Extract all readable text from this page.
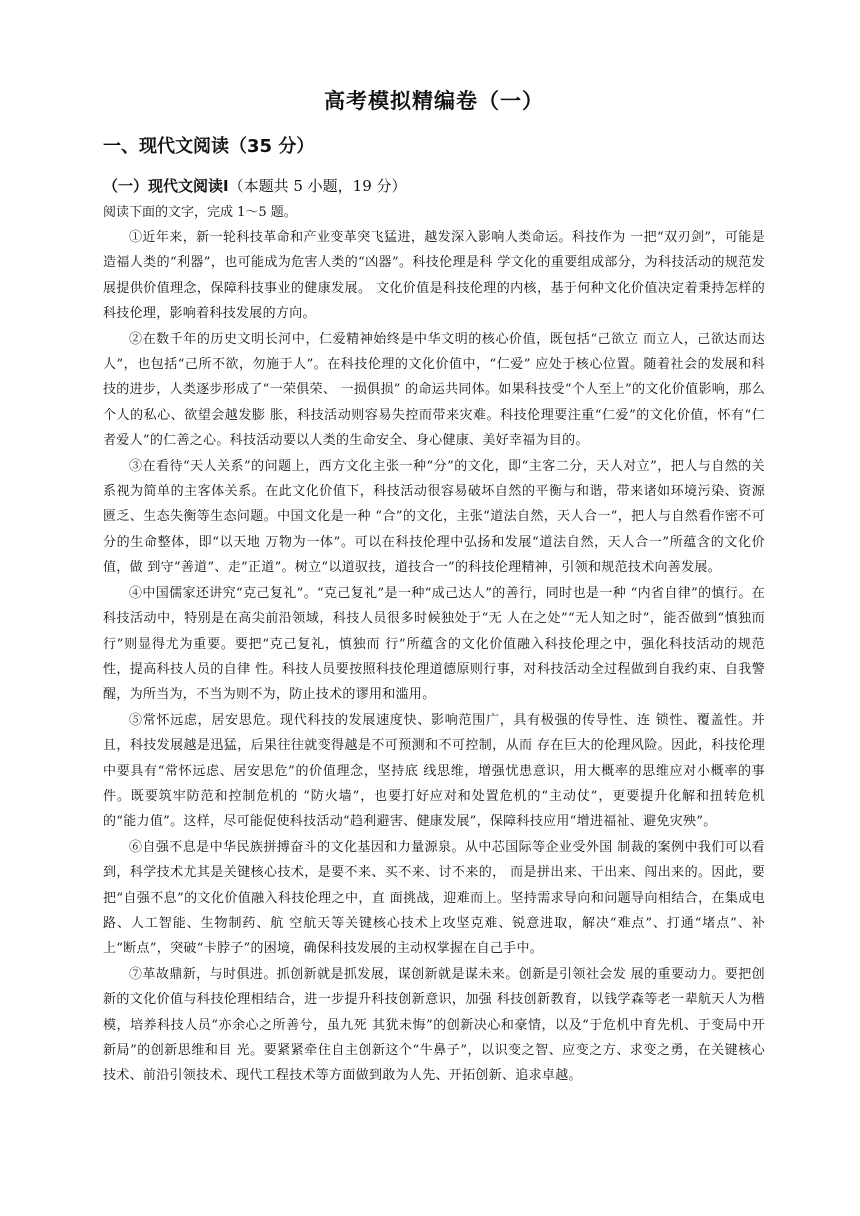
高考模拟精编卷（一）
一、现代文阅读（35 分）
（一）现代文阅读Ⅰ（本题共 5 小题，19 分）
阅读下面的文字，完成 1～5 题。

①近年来，新一轮科技革命和产业变革突飞猛进，越发深入影响人类命运。科技作为 一把“双刃剑”，可能是造福人类的“利器”，也可能成为危害人类的“凶器”。科技伦理是科 学文化的重要组成部分，为科技活动的规范发展提供价值理念，保障科技事业的健康发展。 文化价值是科技伦理的内核，基于何种文化价值决定着秉持怎样的科技伦理，影响着科技发展的方向。

②在数千年的历史文明长河中，仁爱精神始终是中华文明的核心价值，既包括“己欲立 而立人，己欲达而达人”，也包括“己所不欲，勿施于人”。在科技伦理的文化价值中，“仁爱” 应处于核心位置。随着社会的发展和科技的进步，人类逐步形成了“一荣俱荣、 一损俱损” 的命运共同体。如果科技受“个人至上”的文化价值影响，那么个人的私心、欲望会越发膨 胀，科技活动则容易失控而带来灾难。科技伦理要注重“仁爱”的文化价值，怀有“仁者爱人”的仁善之心。科技活动要以人类的生命安全、身心健康、美好幸福为目的。

③在看待“天人关系”的问题上，西方文化主张一种“分”的文化，即“主客二分，天人对立”，把人与自然的关系视为简单的主客体关系。在此文化价值下，科技活动很容易破坏自然的平衡与和谐，带来诸如环境污染、资源匮乏、生态失衡等生态问题。中国文化是一种 “合”的文化，主张“道法自然，天人合一”，把人与自然看作密不可分的生命整体，即“以天地 万物为一体”。可以在科技伦理中弘扬和发展“道法自然，天人合一”所蕴含的文化价值，做 到守“善道”、走“正道”。树立“以道驭技，道技合一”的科技伦理精神，引领和规范技术向善发展。

④中国儒家还讲究“克己复礼”。“克己复礼”是一种“成己达人”的善行，同时也是一种 “内省自律”的慎行。在科技活动中，特别是在高尖前沿领域，科技人员很多时候独处于“无 人在之处”“无人知之时”，能否做到“慎独而行”则显得尤为重要。要把“克己复礼，慎独而 行”所蕴含的文化价值融入科技伦理之中，强化科技活动的规范性，提高科技人员的自律 性。科技人员要按照科技伦理道德原则行事，对科技活动全过程做到自我约束、自我警醒，为所当为，不当为则不为，防止技术的谬用和滥用。

⑤常怀远虑，居安思危。现代科技的发展速度快、影响范围广，具有极强的传导性、连 锁性、覆盖性。并且，科技发展越是迅猛，后果往往就变得越是不可预测和不可控制，从而 存在巨大的伦理风险。因此，科技伦理中要具有“常怀远虑、居安思危”的价值理念，坚持底 线思维，增强忧患意识，用大概率的思维应对小概率的事件。既要筑牢防范和控制危机的 “防火墙”，也要打好应对和处置危机的“主动仗”，更要提升化解和扭转危机的“能力值”。这样，尽可能促使科技活动“趋利避害、健康发展”，保障科技应用“增进福祉、避免灾殃”。

⑥自强不息是中华民族拼搏奋斗的文化基因和力量源泉。从中芯国际等企业受外国 制裁的案例中我们可以看到，科学技术尤其是关键核心技术，是要不来、买不来、讨不来的， 而是拼出来、干出来、闯出来的。因此，要把“自强不息”的文化价值融入科技伦理之中，直 面挑战，迎难而上。坚持需求导向和问题导向相结合，在集成电路、人工智能、生物制药、航 空航天等关键核心技术上攻坚克难、锐意进取，解决“难点”、打通“堵点”、补上“断点”，突破“卡脖子”的困境，确保科技发展的主动权掌握在自己手中。

⑦革故鼎新，与时俱进。抓创新就是抓发展，谋创新就是谋未来。创新是引领社会发 展的重要动力。要把创新的文化价值与科技伦理相结合，进一步提升科技创新意识，加强 科技创新教育，以钱学森等老一辈航天人为楷模，培养科技人员“亦余心之所善兮，虽九死 其犹未悔”的创新决心和豪情，以及“于危机中育先机、于变局中开新局”的创新思维和目 光。要紧紧牵住自主创新这个“牛鼻子”，以识变之智、应变之方、求变之勇，在关键核心技术、前沿引领技术、现代工程技术等方面做到敢为人先、开拓创新、追求卓越。
